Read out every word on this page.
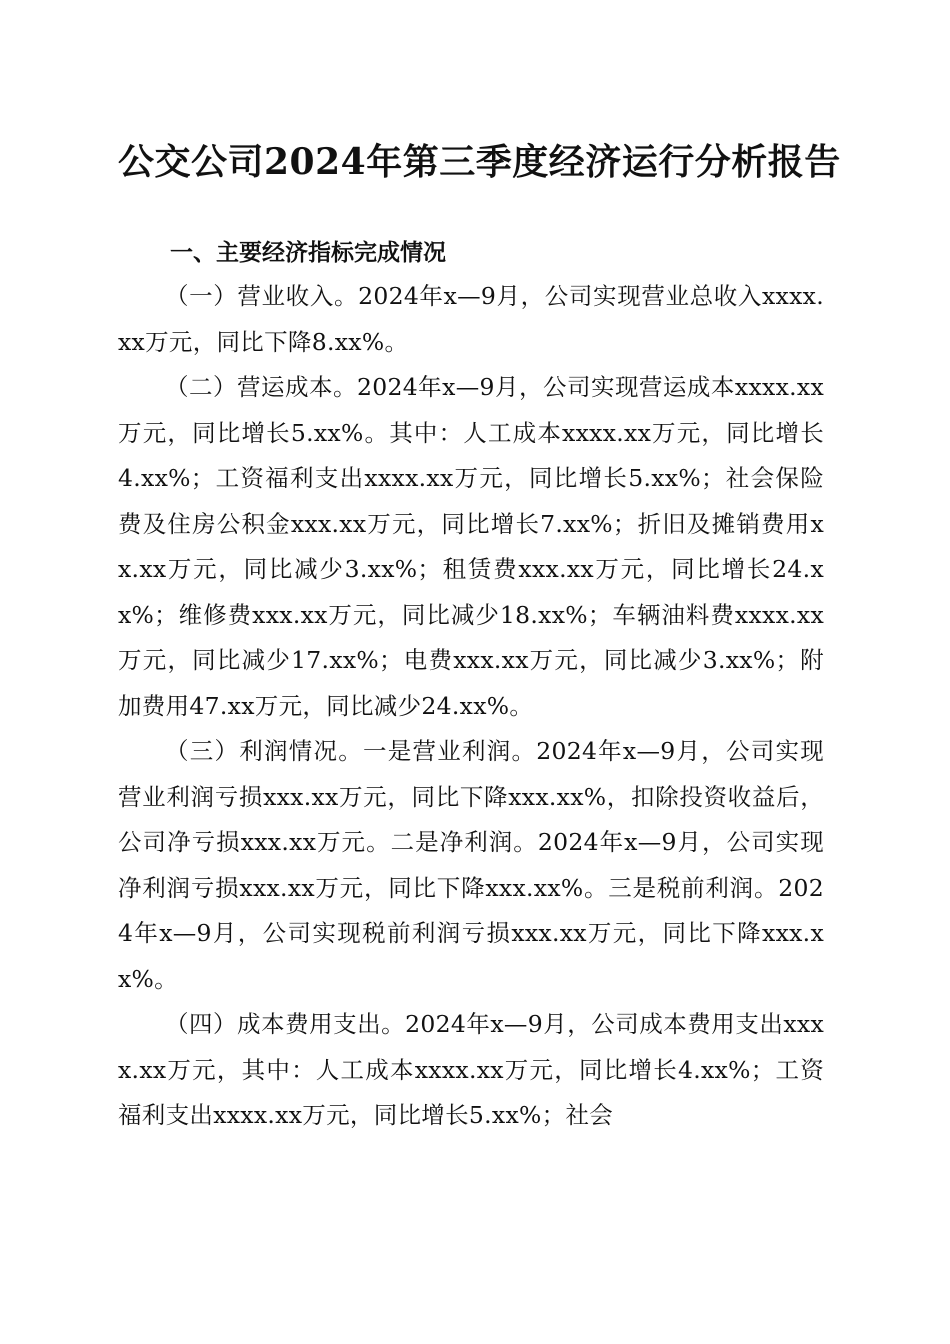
公交公司2024年第三季度经济运行分析报告
一、主要经济指标完成情况

（一）营业收入。2024年x—9月，公司实现营业总收入xxxx.xx万元，同比下降8.xx%。

（二）营运成本。2024年x—9月，公司实现营运成本xxxx.xx万元，同比增长5.xx%。其中：人工成本xxxx.xx万元，同比增长4.xx%；工资福利支出xxxx.xx万元，同比增长5.xx%；社会保险费及住房公积金xxx.xx万元，同比增长7.xx%；折旧及摊销费用xx.xx万元，同比减少3.xx%；租赁费xxx.xx万元，同比增长24.xx%；维修费xxx.xx万元，同比减少18.xx%；车辆油料费xxxx.xx万元，同比减少17.xx%；电费xxx.xx万元，同比减少3.xx%；附加费用47.xx万元，同比减少24.xx%。

（三）利润情况。一是营业利润。2024年x—9月，公司实现营业利润亏损xxx.xx万元，同比下降xxx.xx%，扣除投资收益后，公司净亏损xxx.xx万元。二是净利润。2024年x—9月，公司实现净利润亏损xxx.xx万元，同比下降xxx.xx%。三是税前利润。2024年x—9月，公司实现税前利润亏损xxx.xx万元，同比下降xxx.xx%。

（四）成本费用支出。2024年x—9月，公司成本费用支出xxxx.xx万元，其中：人工成本xxxx.xx万元，同比增长4.xx%；工资福利支出xxxx.xx万元，同比增长5.xx%；社会
